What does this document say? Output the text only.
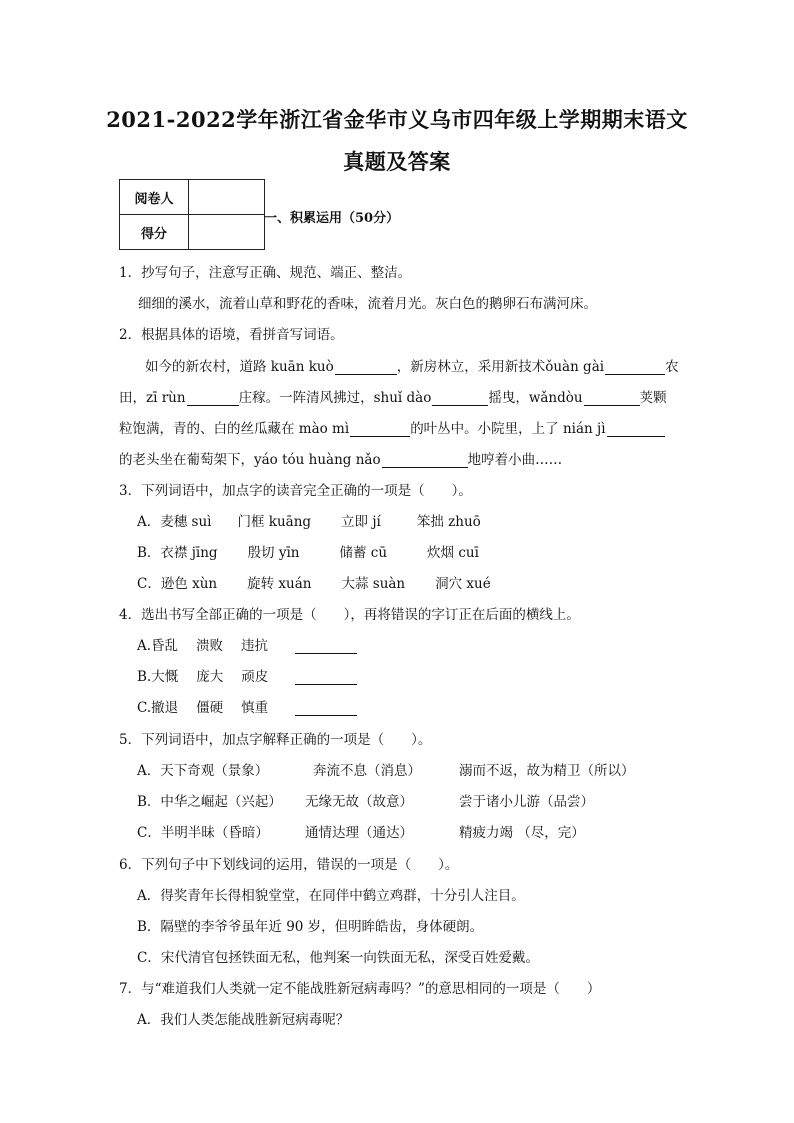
2021-2022学年浙江省金华市义乌市四年级上学期期末语文
真题及答案
阅卷人	
得分	
一、积累运用（50分）
1．抄写句子，注意写正确、规范、端正、整洁。
细细的溪水，流着山草和野花的香味，流着月光。灰白色的鹅卵石布满河床。
2．根据具体的语境，看拼音写词语。
如今的新农村，道路 kuān kuò	，新房林立，采用新技术ǒuàn gài	农
田，zī rùn	庄稼。一阵清风拂过，shuǐ dào	摇曳，wǎndòu	荚颗
粒饱满，青的、白的丝瓜藏在 mào mì	的叶丛中。小院里，上了 nián jì
的老头坐在葡萄架下，yáo tóu huàng nǎo	地哼着小曲……
3．下列词语中，加点字的读音完全正确的一项是（　　）。
A．麦穗 suì 门框 kuāng 立即 jí	笨拙 zhuō
B．衣襟 jīng 殷切 yīn	储蓄 cū	炊烟 cuī
C．逊色 xùn 旋转 xuán 大蒜 suàn 洞穴 xué
4．选出书写全部正确的一项是（　　），再将错误的字订正在后面的横线上。
A.昏乱 溃败 违抗
B.大慨 庞大 顽皮
C.撤退 僵硬 慎重
5．下列词语中，加点字解释正确的一项是（　　）。
A．天下奇观（景象）	奔流不息（消息）	溺而不返，故为精卫（所以）
B．中华之崛起（兴起） 无缘无故（故意）	尝于诸小儿游（品尝）
C．半明半昧（昏暗）	通情达理（通达）	精疲力竭 （尽，完）
6．下列句子中下划线词的运用，错误的一项是（　　）。
A．得奖青年长得相貌堂堂，在同伴中鹤立鸡群，十分引人注目。
B．隔壁的李爷爷虽年近 90 岁，但明眸皓齿，身体硬朗。
C．宋代清官包拯铁面无私，他判案一向铁面无私，深受百姓爱戴。
7．与“难道我们人类就一定不能战胜新冠病毒吗？”的意思相同的一项是（　　）
A．我们人类怎能战胜新冠病毒呢？
